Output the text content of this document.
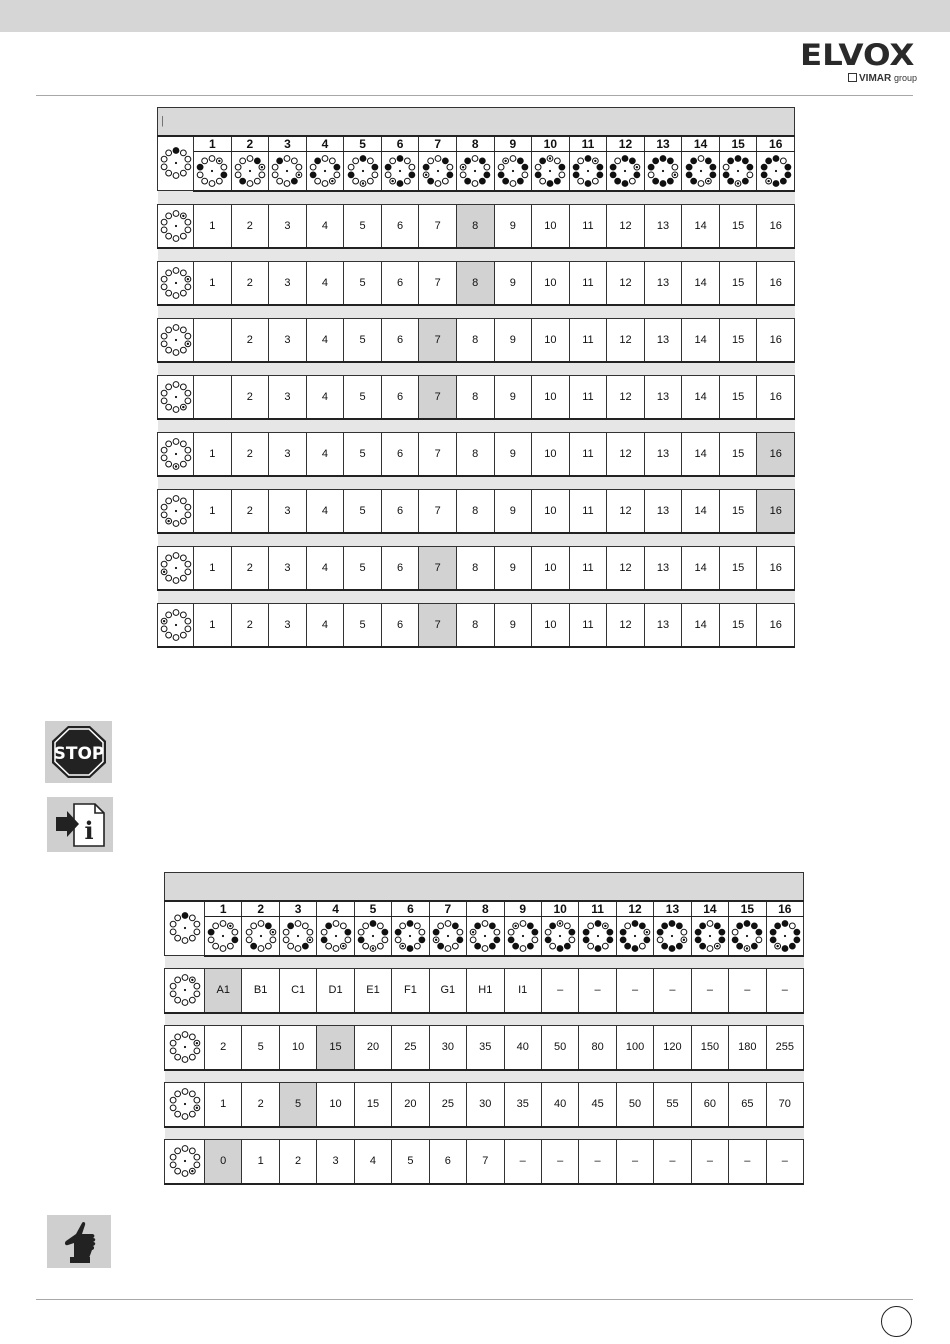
ELVOX
VIMAR group
|																

	1	2	3	4	5	6	7	8	9	10	11	12	13	14	15	16

	1	2	3	4	5	6	7	8	9	10	11	12	13	14	15	16

	1	2	3	4	5	6	7	8	9	10	11	12	13	14	15	16

		2	3	4	5	6	7	8	9	10	11	12	13	14	15	16

		2	3	4	5	6	7	8	9	10	11	12	13	14	15	16

	1	2	3	4	5	6	7	8	9	10	11	12	13	14	15	16

	1	2	3	4	5	6	7	8	9	10	11	12	13	14	15	16

	1	2	3	4	5	6	7	8	9	10	11	12	13	14	15	16

	1	2	3	4	5	6	7	8	9	10	11	12	13	14	15	16
STOP
i

	1	2	3	4	5	6	7	8	9	10	11	12	13	14	15	16

	A1	B1	C1	D1	E1	F1	G1	H1	I1	–	–	–	–	–	–	–

	2	5	10	15	20	25	30	35	40	50	80	100	120	150	180	255

	1	2	5	10	15	20	25	30	35	40	45	50	55	60	65	70

	0	1	2	3	4	5	6	7	–	–	–	–	–	–	–	–
